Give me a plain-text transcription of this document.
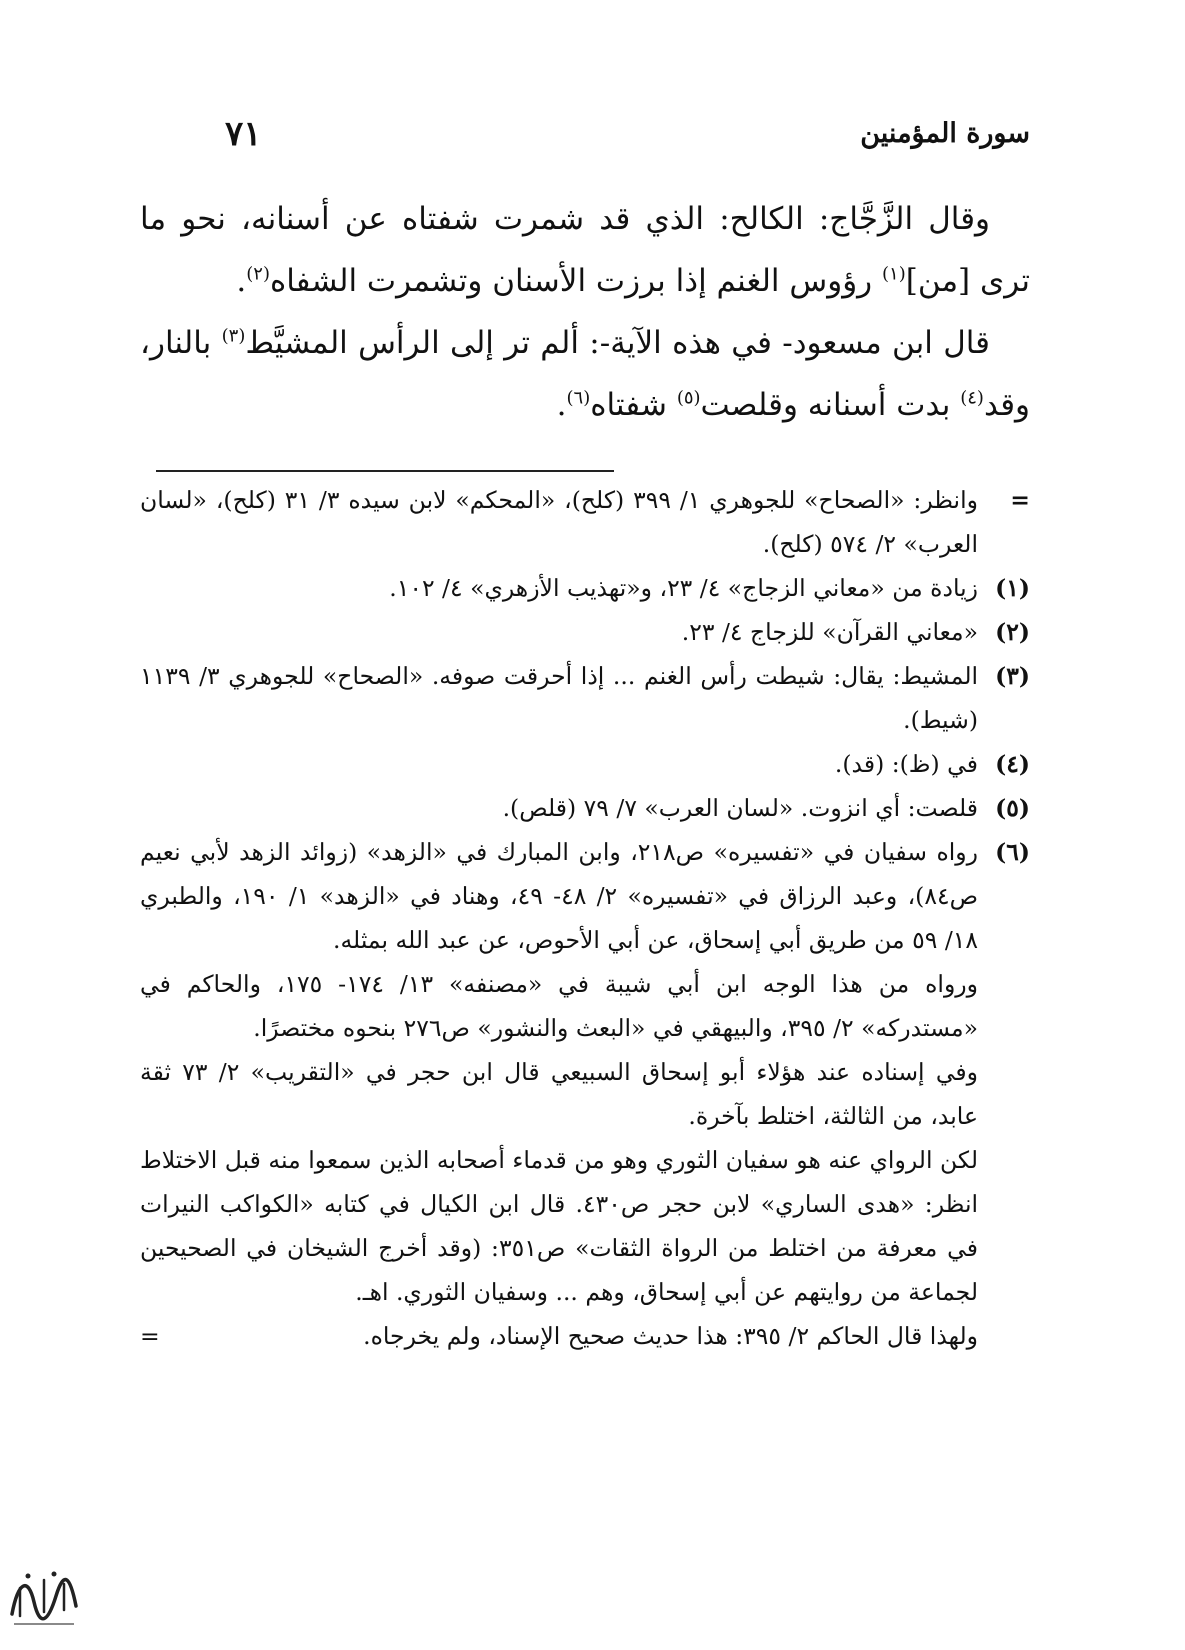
سورة المؤمنين
٧١

وقال الزَّجَّاج: الكالح: الذي قد شمرت شفتاه عن أسنانه، نحو ما ترى [من]$^{(١)}$ رؤوس الغنم إذا برزت الأسنان وتشمرت الشفاه$^{(٢)}$.

قال ابن مسعود- في هذه الآية-: ألم تر إلى الرأس المشيَّط$^{(٣)}$ بالنار، وقد$^{(٤)}$ بدت أسنانه وقلصت$^{(٥)}$ شفتاه$^{(٦)}$.

=
وانظر: «الصحاح» للجوهري ١/ ٣٩٩ (كلح)، «المحكم» لابن سيده ٣/ ٣١ (كلح)، «لسان العرب» ٢/ ٥٧٤ (كلح).
(١)
زيادة من «معاني الزجاج» ٤/ ٢٣، و«تهذيب الأزهري» ٤/ ١٠٢.
(٢)
«معاني القرآن» للزجاج ٤/ ٢٣.
(٣)
المشيط: يقال: شيطت رأس الغنم ... إذا أحرقت صوفه. «الصحاح» للجوهري ٣/ ١١٣٩ (شيط).
(٤)
في (ظ): (قد).
(٥)
قلصت: أي انزوت. «لسان العرب» ٧/ ٧٩ (قلص).
(٦)
رواه سفيان في «تفسيره» ص٢١٨، وابن المبارك في «الزهد» (زوائد الزهد لأبي نعيم ص٨٤)، وعبد الرزاق في «تفسيره» ٢/ ٤٨- ٤٩، وهناد في «الزهد» ١/ ١٩٠، والطبري ١٨/ ٥٩ من طريق أبي إسحاق، عن أبي الأحوص، عن عبد الله بمثله.
ورواه من هذا الوجه ابن أبي شيبة في «مصنفه» ١٣/ ١٧٤- ١٧٥، والحاكم في «مستدركه» ٢/ ٣٩٥، والبيهقي في «البعث والنشور» ص٢٧٦ بنحوه مختصرًا.
وفي إسناده عند هؤلاء أبو إسحاق السبيعي قال ابن حجر في «التقريب» ٢/ ٧٣ ثقة عابد، من الثالثة، اختلط بآخرة.
لكن الرواي عنه هو سفيان الثوري وهو من قدماء أصحابه الذين سمعوا منه قبل الاختلاط انظر: «هدى الساري» لابن حجر ص٤٣٠. قال ابن الكيال في كتابه «الكواكب النيرات في معرفة من اختلط من الرواة الثقات» ص٣٥١: (وقد أخرج الشيخان في الصحيحين لجماعة من روايتهم عن أبي إسحاق، وهم ... وسفيان الثوري. اهـ.
ولهذا قال الحاكم ٢/ ٣٩٥: هذا حديث صحيح الإسناد، ولم يخرجاه.
=
